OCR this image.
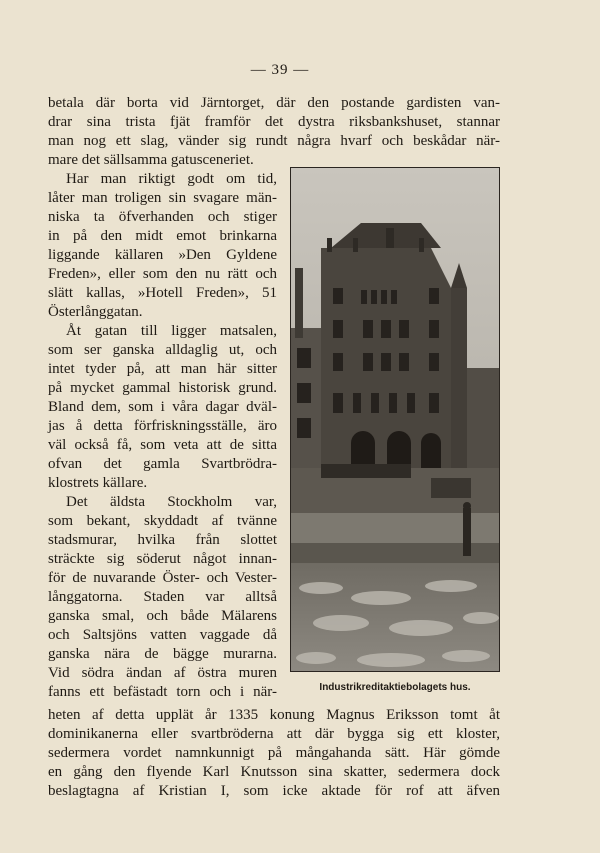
— 39 —
betala där borta vid Järntorget, där den postande gardisten van-
drar sina trista fjät framför det dystra riksbankshuset, stannar
man nog ett slag, vänder sig rundt några hvarf och beskådar när-
mare det sällsamma gatusceneriet.
Har man riktigt godt om tid,
låter man troligen sin svagare män-
niska ta öfverhanden och stiger
in på den midt emot brinkarna
liggande källaren »Den Gyldene
Freden», eller som den nu rätt och
slätt kallas, »Hotell Freden», 51
Österlånggatan.
Åt gatan till ligger matsalen,
som ser ganska alldaglig ut, och
intet tyder på, att man här sitter
på mycket gammal historisk grund.
Bland dem, som i våra dagar dväl-
jas å detta förfriskningsställe, äro
väl också få, som veta att de sitta
ofvan det gamla Svartbrödra-
klostrets källare.
Det äldsta Stockholm var,
som bekant, skyddadt af tvänne
stadsmurar, hvilka från slottet
sträckte sig söderut något innan-
för de nuvarande Öster- och Vester-
långgatorna. Staden var alltså
ganska smal, och både Mälarens
och Saltsjöns vatten vaggade då
ganska nära de bägge murarna.
Vid södra ändan af östra muren
fanns ett befästadt torn och i när-	Industrikreditaktiebolagets hus.
heten af detta upplät år 1335 konung Magnus Eriksson tomt åt
dominikanerna eller svartbröderna att där bygga sig ett kloster,
sedermera vordet namnkunnigt på mångahanda sätt. Här gömde
en gång den flyende Karl Knutsson sina skatter, sedermera dock
beslagtagna af Kristian I, som icke aktade för rof att äfven
